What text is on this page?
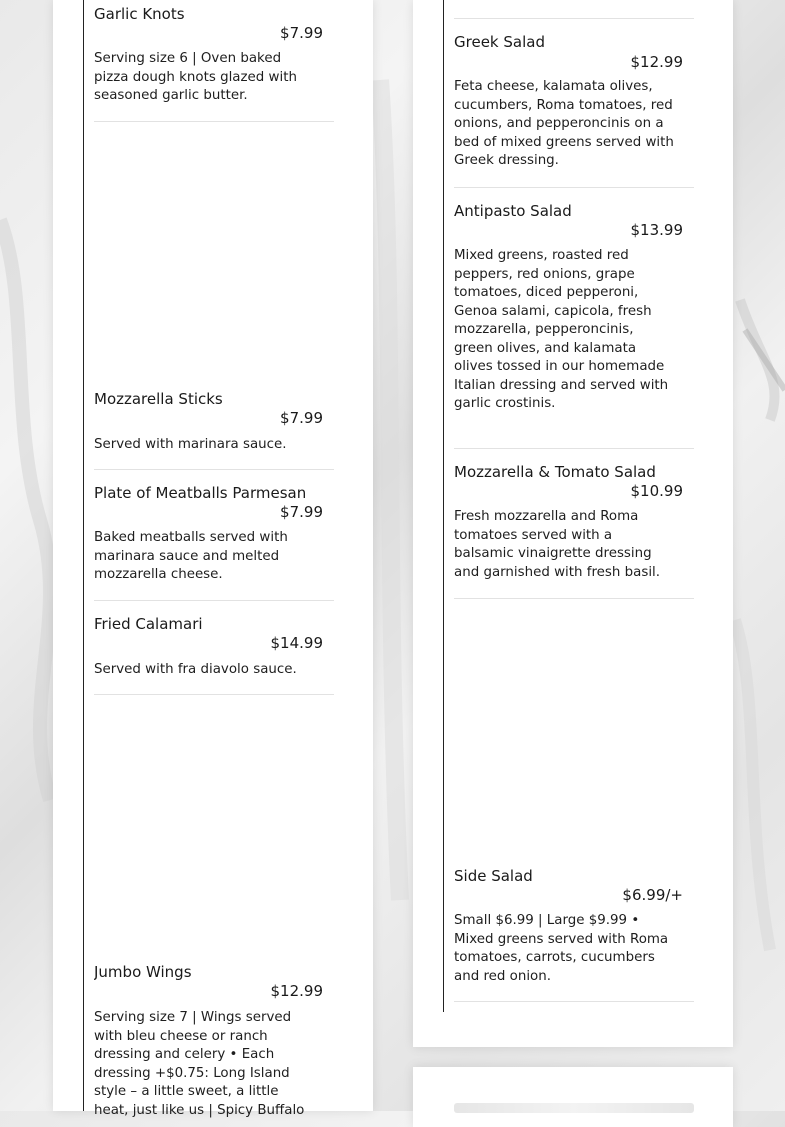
Garlic Knots
$7.99
Serving size 6 | Oven baked pizza dough knots glazed with seasoned garlic butter.
Mozzarella Sticks
$7.99
Served with marinara sauce.
Plate of Meatballs Parmesan
$7.99
Baked meatballs served with marinara sauce and melted mozzarella cheese.
Fried Calamari
$14.99
Served with fra diavolo sauce.
Jumbo Wings
$12.99
Serving size 7 | Wings served with bleu cheese or ranch dressing and celery • Each dressing +$0.75: Long Island style – a little sweet, a little heat, just like us | Spicy Buffalo
Greek Salad
$12.99
Feta cheese, kalamata olives, cucumbers, Roma tomatoes, red onions, and pepperoncinis on a bed of mixed greens served with Greek dressing.
Antipasto Salad
$13.99
Mixed greens, roasted red peppers, red onions, grape tomatoes, diced pepperoni, Genoa salami, capicola, fresh mozzarella, pepperoncinis, green olives, and kalamata olives tossed in our homemade Italian dressing and served with garlic crostinis.
Mozzarella & Tomato Salad
$10.99
Fresh mozzarella and Roma tomatoes served with a balsamic vinaigrette dressing and garnished with fresh basil.
Side Salad
$6.99/+
Small $6.99 | Large $9.99 • Mixed greens served with Roma tomatoes, carrots, cucumbers and red onion.
